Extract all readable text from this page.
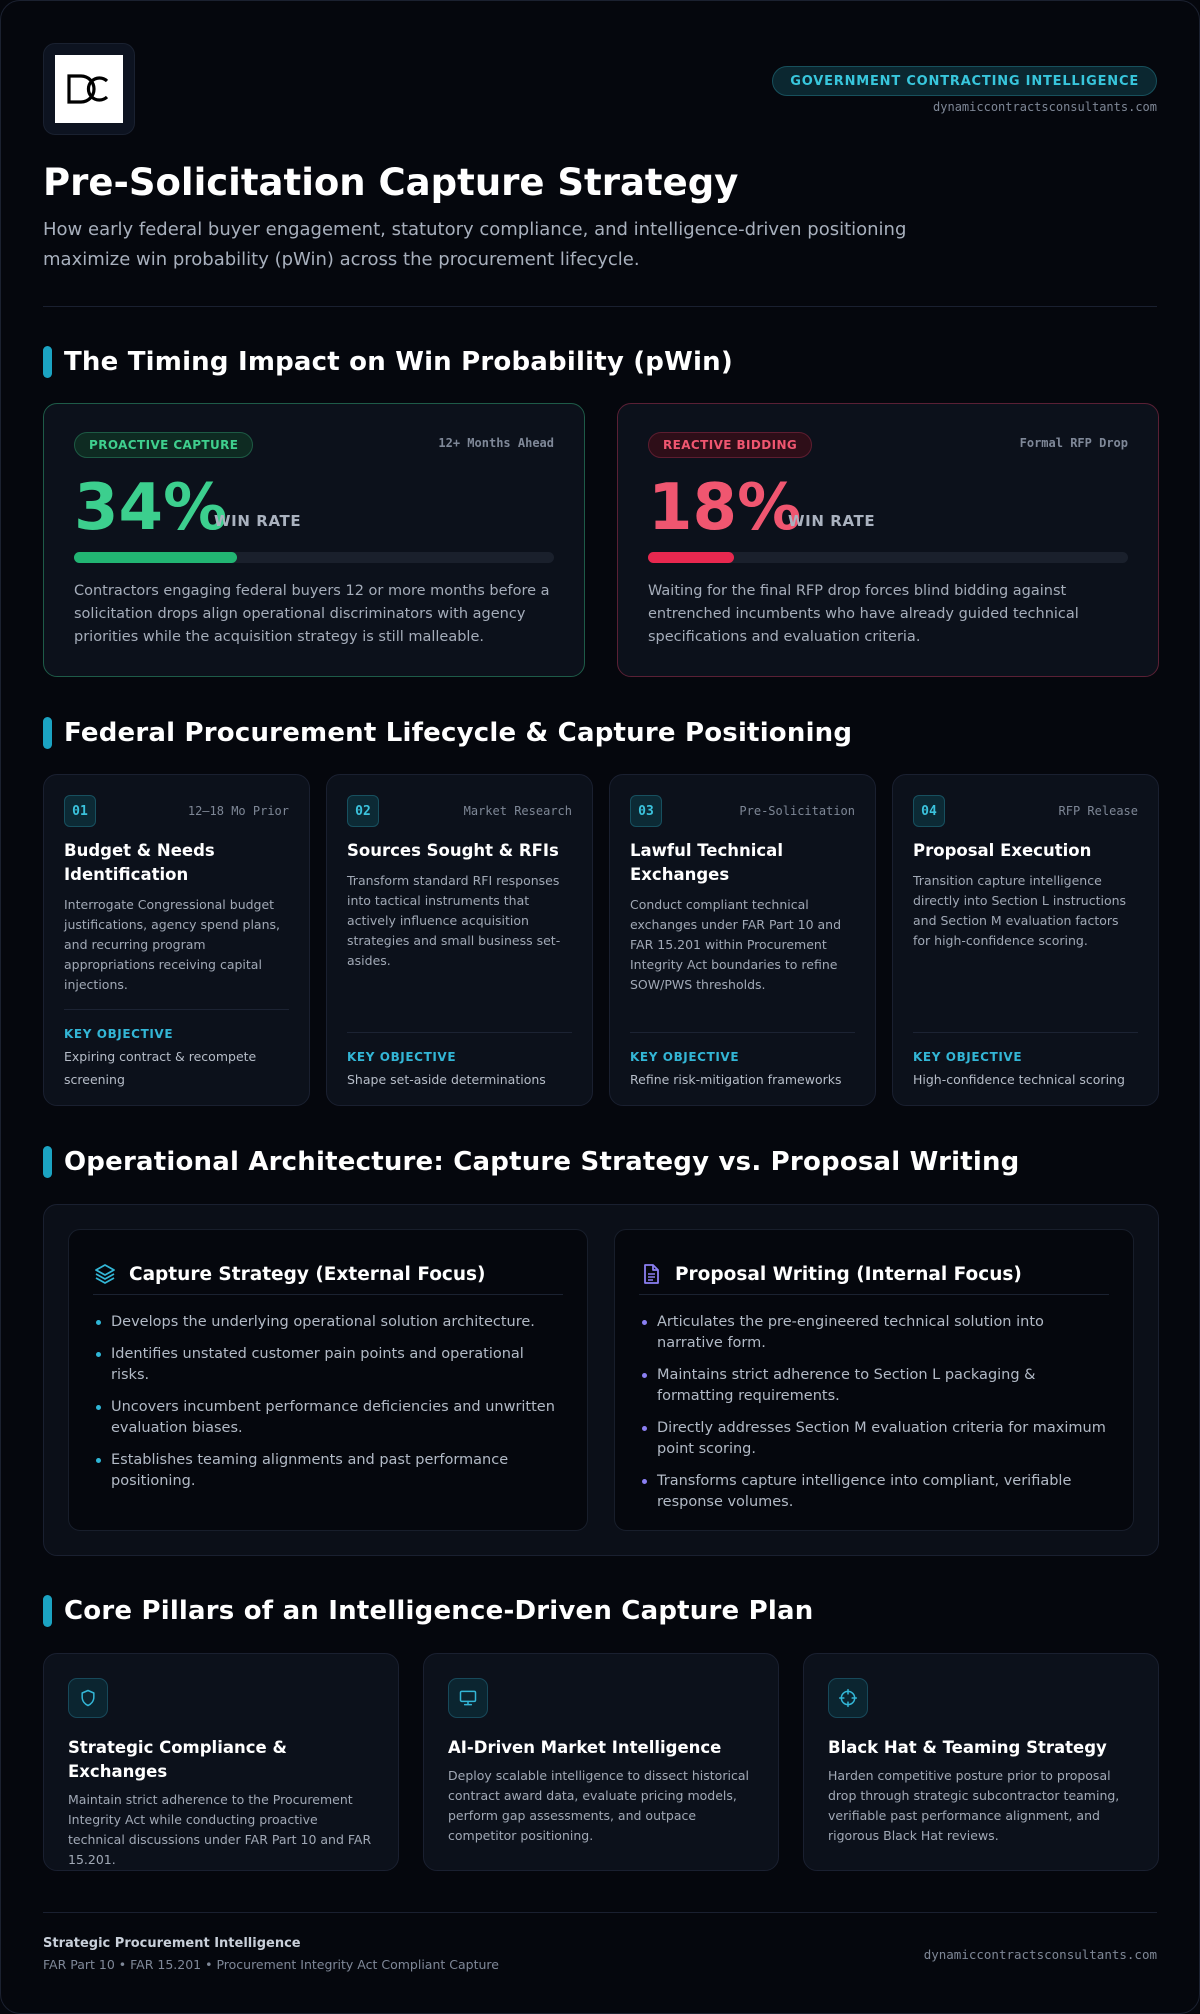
GOVERNMENT CONTRACTING INTELLIGENCE
dynamiccontractsconsultants.com
Pre-Solicitation Capture Strategy

How early federal buyer engagement, statutory compliance, and intelligence-driven positioning maximize win probability (pWin) across the procurement lifecycle.

The Timing Impact on Win Probability (pWin)
PROACTIVE CAPTURE	12+ Months Ahead
34%
WIN RATE

Contractors engaging federal buyers 12 or more months before a solicitation drops align operational discriminators with agency priorities while the acquisition strategy is still malleable.

REACTIVE BIDDING	Formal RFP Drop
18%
WIN RATE

Waiting for the final RFP drop forces blind bidding against entrenched incumbents who have already guided technical specifications and evaluation criteria.

Federal Procurement Lifecycle & Capture Positioning
01	12–18 Mo Prior
Budget & Needs Identification
Interrogate Congressional budget justifications, agency spend plans, and recurring program appropriations receiving capital injections.
KEY OBJECTIVE
Expiring contract & recompete screening
02	Market Research
Sources Sought & RFIs
Transform standard RFI responses into tactical instruments that actively influence acquisition strategies and small business set-asides.
KEY OBJECTIVE
Shape set-aside determinations
03	Pre-Solicitation
Lawful Technical Exchanges
Conduct compliant technical exchanges under FAR Part 10 and FAR 15.201 within Procurement Integrity Act boundaries to refine SOW/PWS thresholds.
KEY OBJECTIVE
Refine risk-mitigation frameworks
04	RFP Release
Proposal Execution
Transition capture intelligence directly into Section L instructions and Section M evaluation factors for high-confidence scoring.
KEY OBJECTIVE
High-confidence technical scoring
Operational Architecture: Capture Strategy vs. Proposal Writing
Capture Strategy (External Focus)
Develops the underlying operational solution architecture.
Identifies unstated customer pain points and operational risks.
Uncovers incumbent performance deficiencies and unwritten evaluation biases.
Establishes teaming alignments and past performance positioning.
Proposal Writing (Internal Focus)
Articulates the pre-engineered technical solution into narrative form.
Maintains strict adherence to Section L packaging & formatting requirements.
Directly addresses Section M evaluation criteria for maximum point scoring.
Transforms capture intelligence into compliant, verifiable response volumes.
Core Pillars of an Intelligence-Driven Capture Plan
Strategic Compliance & Exchanges
Maintain strict adherence to the Procurement Integrity Act while conducting proactive technical discussions under FAR Part 10 and FAR 15.201.
AI-Driven Market Intelligence
Deploy scalable intelligence to dissect historical contract award data, evaluate pricing models, perform gap assessments, and outpace competitor positioning.
Black Hat & Teaming Strategy
Harden competitive posture prior to proposal drop through strategic subcontractor teaming, verifiable past performance alignment, and rigorous Black Hat reviews.
Strategic Procurement Intelligence
FAR Part 10 • FAR 15.201 • Procurement Integrity Act Compliant Capture
dynamiccontractsconsultants.com
